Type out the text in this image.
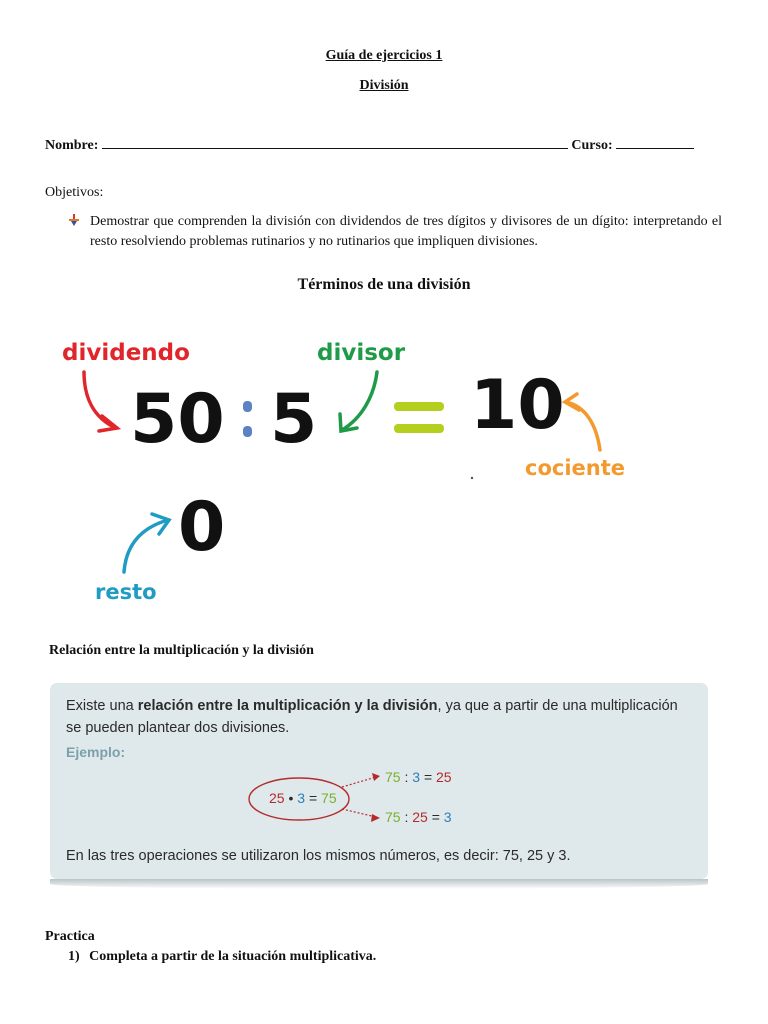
Guía de ejercicios 1
División
Nombre:	Curso:
Objetivos:
Demostrar que comprenden la división con dividendos de tres dígitos y divisores de un dígito: interpretando el resto resolviendo problemas rutinarios y no rutinarios que impliquen divisiones.
Términos de una división
dividendo	divisor
cociente
resto
50 5 10
0
Relación entre la multiplicación y la división
Existe una relación entre la multiplicación y la división, ya que a partir de una multiplicación se pueden plantear dos divisiones.
Ejemplo:
25 • 3 = 75
75 : 3 = 25
75 : 25 = 3
En las tres operaciones se utilizaron los mismos números, es decir: 75, 25 y 3.
Practica
1) Completa a partir de la situación multiplicativa.
